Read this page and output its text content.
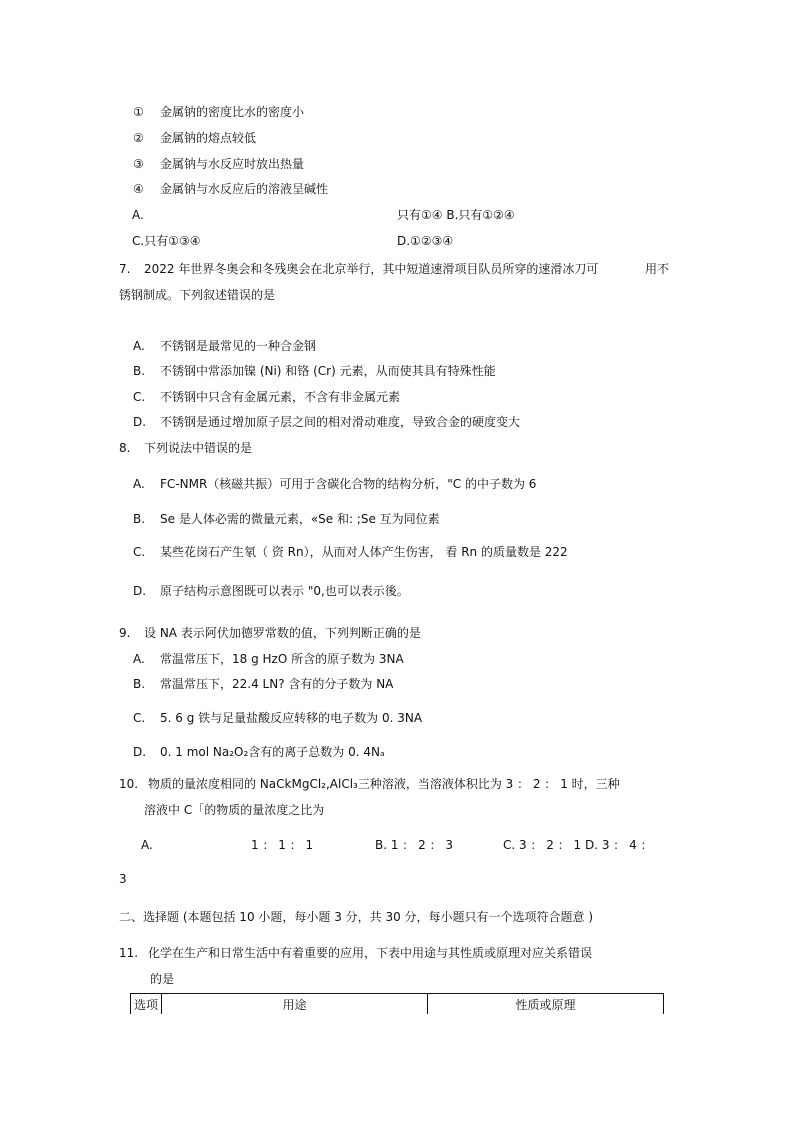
① 金属钠的密度比水的密度小
② 金属钠的熔点较低
③ 金属钠与水反应时放出热量
④ 金属钠与水反应后的溶液呈碱性
A.	只有①④ B.只有①②④
C.只有①③④	D.①②③④
7. 2022 年世界冬奥会和冬残奥会在北京举行，其中短道速滑项目队员所穿的速滑冰刀可	用不
锈钢制成。下列叙述错误的是
A. 不锈钢是最常见的一种合金钢
B. 不锈钢中常添加镍 (Ni) 和铬 (Cr) 元素，从而使其具有特殊性能
C. 不锈钢中只含有金属元素，不含有非金属元素
D. 不锈钢是通过增加原子层之间的相对滑动难度，导致合金的硬度变大
8. 下列说法中错误的是
A. FC-NMR（核磁共振）可用于含碳化合物的结构分析，"C 的中子数为 6
B. Se 是人体必需的微量元素，«Se 和: ;Se 互为同位素
C. 某些花岗石产生氡（ 资 Rn），从而对人体产生伤害， 看 Rn 的质量数是 222
D. 原子结构示意图既可以表示 "0,也可以表示後。
9. 设 NA 表示阿伏加德罗常数的值，下列判断正确的是
A. 常温常压下，18 g HzO 所含的原子数为 3NA
B. 常温常压下，22.4 LN? 含有的分子数为 NA
C. 5. 6 g 铁与足量盐酸反应转移的电子数为 0. 3NA
D. 0. 1 mol Na₂O₂含有的离子总数为 0. 4Nₐ
10. 物质的量浓度相同的 NaCkMgCl₂,AlCl₃三种溶液，当溶液体积比为 3 ： 2 ： 1 时，三种
溶液中 C「的物质的量浓度之比为
A.	1 ： 1 ： 1	B. 1 ： 2 ： 3	C. 3 ： 2 ： 1 D. 3 ： 4 ：
3
二、选择题 (本题包括 10 小题，每小题 3 分，共 30 分，每小题只有一个选项符合题意 )
11. 化学在生产和日常生活中有着重要的应用，下表中用途与其性质或原理对应关系错误
的是
选项	用途	性质或原理
